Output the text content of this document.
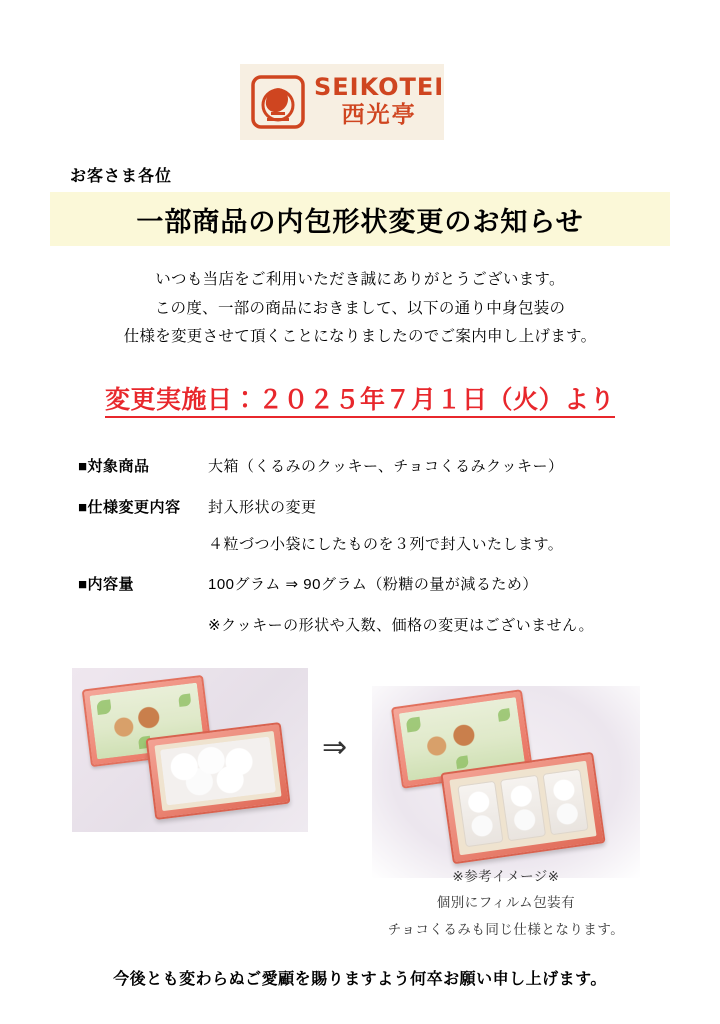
SEIKOTEI
西光亭
お客さま各位
一部商品の内包形状変更のお知らせ
いつも当店をご利用いただき誠にありがとうございます。
この度、一部の商品におきまして、以下の通り中身包装の
仕様を変更させて頂くことになりましたのでご案内申し上げます。
変更実施日：２０２５年７月１日（火）より
■対象商品	大箱（くるみのクッキー、チョコくるみクッキー）
■仕様変更内容	封入形状の変更
４粒づつ小袋にしたものを３列で封入いたします。
■内容量	100グラム ⇒ 90グラム（粉糖の量が減るため）
※クッキーの形状や入数、価格の変更はございません。
⇒
※参考イメージ※
個別にフィルム包装有
チョコくるみも同じ仕様となります。
今後とも変わらぬご愛顧を賜りますよう何卒お願い申し上げます。
